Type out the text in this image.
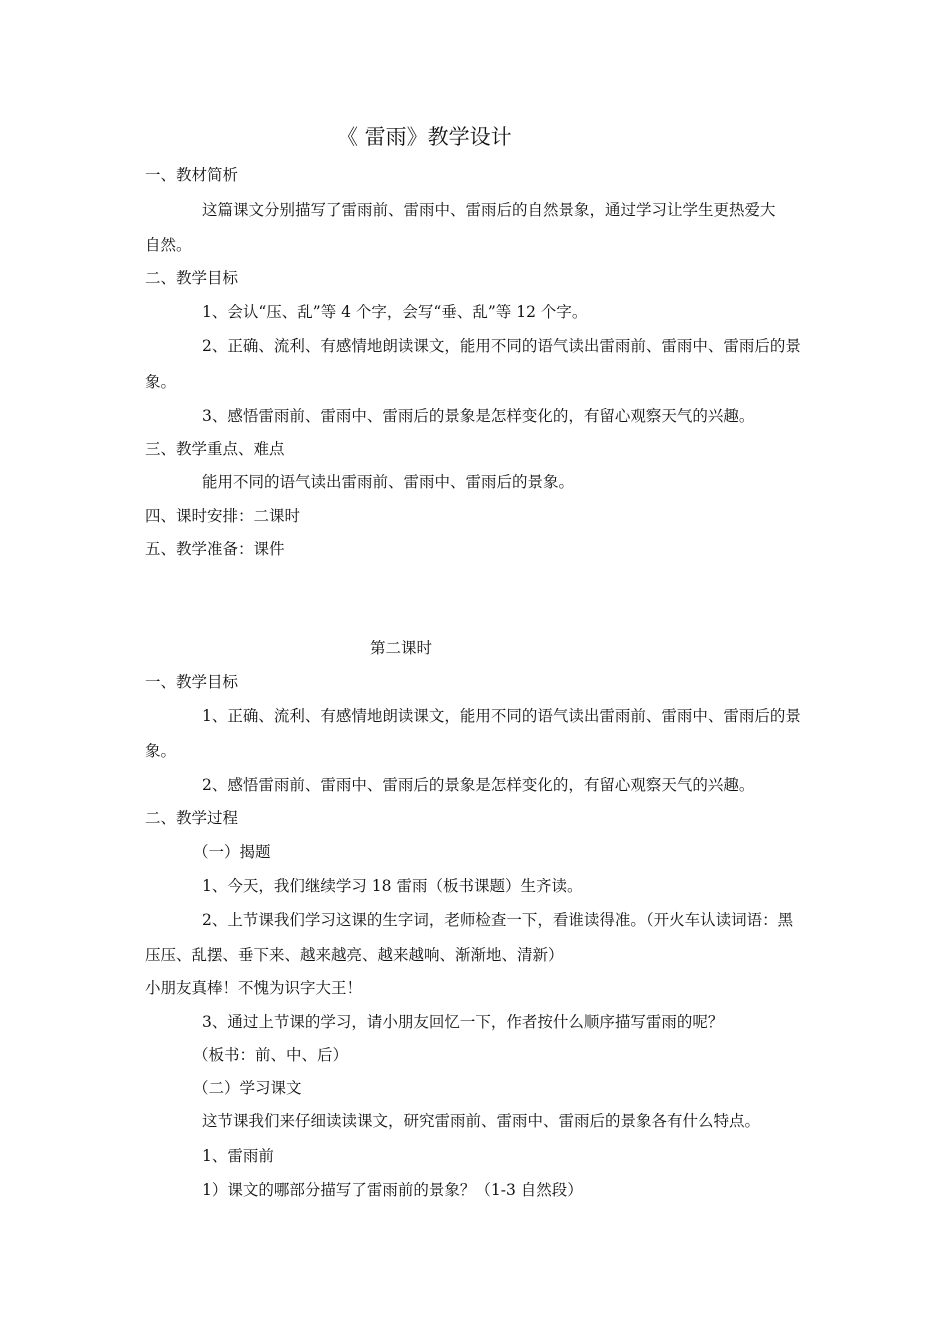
《 雷雨》教学设计
一、教材简析
这篇课文分别描写了雷雨前、雷雨中、雷雨后的自然景象，通过学习让学生更热爱大
自然。
二、教学目标
1、会认“压、乱”等 4 个字，会写“垂、乱”等 12 个字。
2、正确、流利、有感情地朗读课文，能用不同的语气读出雷雨前、雷雨中、雷雨后的景
象。
3、感悟雷雨前、雷雨中、雷雨后的景象是怎样变化的，有留心观察天气的兴趣。
三、教学重点、难点
能用不同的语气读出雷雨前、雷雨中、雷雨后的景象。
四、课时安排：二课时
五、教学准备：课件
第二课时
一、教学目标
1、正确、流利、有感情地朗读课文，能用不同的语气读出雷雨前、雷雨中、雷雨后的景
象。
2、感悟雷雨前、雷雨中、雷雨后的景象是怎样变化的，有留心观察天气的兴趣。
二、教学过程
（一）揭题
1、今天，我们继续学习 18 雷雨（板书课题）生齐读。
2、上节课我们学习这课的生字词，老师检查一下，看谁读得准。（开火车认读词语：黑
压压、乱摆、垂下来、越来越亮、越来越响、渐渐地、清新）
小朋友真棒！不愧为识字大王！
3、通过上节课的学习，请小朋友回忆一下，作者按什么顺序描写雷雨的呢？
（板书：前、中、后）
（二）学习课文
这节课我们来仔细读读课文，研究雷雨前、雷雨中、雷雨后的景象各有什么特点。
1、雷雨前
1）课文的哪部分描写了雷雨前的景象？（1-3 自然段）
